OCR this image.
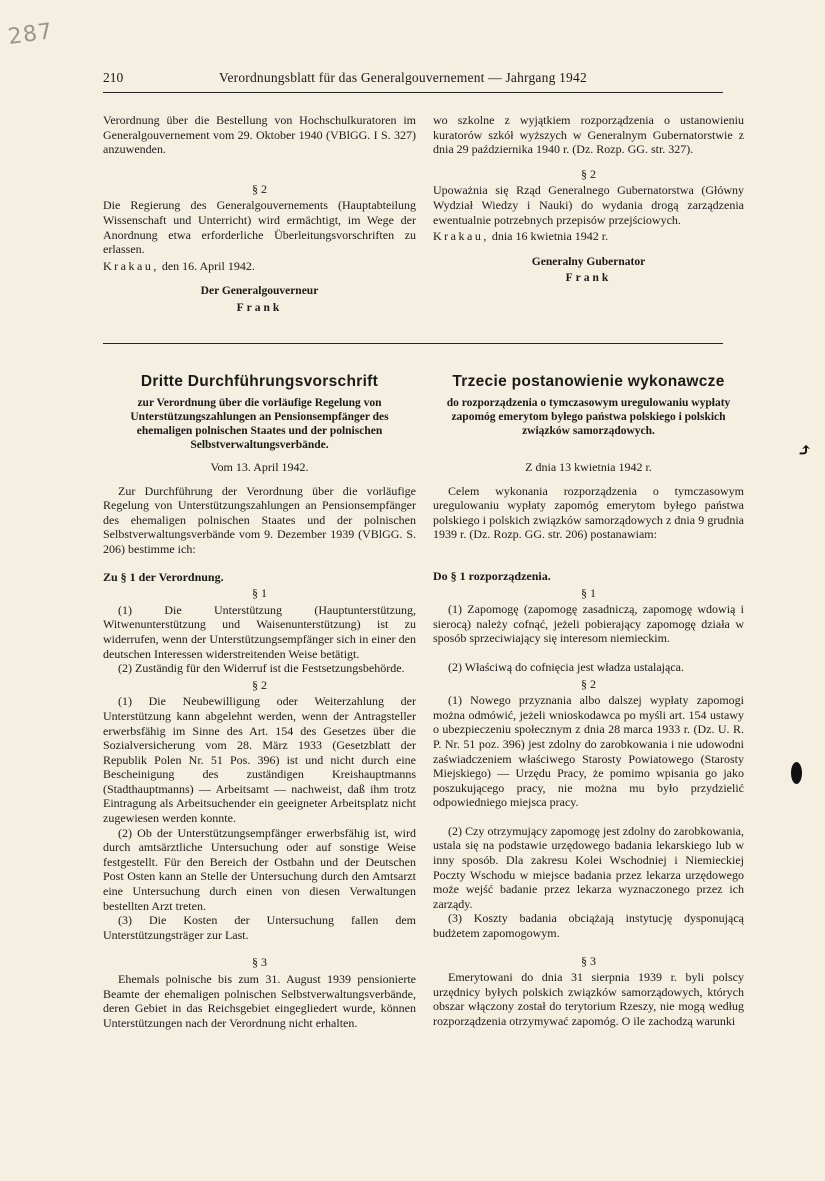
287
210	Verordnungsblatt für das Generalgouvernement — Jahrgang 1942

Verordnung über die Bestellung von Hochschulkuratoren im Generalgouvernement vom 29. Oktober 1940 (VBlGG. I S. 327) anzuwenden.

§ 2

Die Regierung des Generalgouvernements (Hauptabteilung Wissenschaft und Unterricht) wird ermächtigt, im Wege der Anordnung etwa erforderliche Überleitungsvorschriften zu erlassen.

Krakau, den 16. April 1942.

Der Generalgouverneur

Frank

wo szkolne z wyjątkiem rozporządzenia o ustanowieniu kuratorów szkół wyższych w Generalnym Gubernatorstwie z dnia 29 października 1940 r. (Dz. Rozp. GG. str. 327).

§ 2

Upoważnia się Rząd Generalnego Gubernatorstwa (Główny Wydział Wiedzy i Nauki) do wydania drogą zarządzenia ewentualnie potrzebnych przepisów przejściowych.

Krakau, dnia 16 kwietnia 1942 r.

Generalny Gubernator

Frank

Dritte Durchführungsvorschrift	Trzecie postanowienie wykonawcze
zur Verordnung über die vorläufige Regelung von Unterstützungszahlungen an Pensionsempfänger des ehemaligen polnischen Staates und der polnischen Selbstverwaltungsverbände.
do rozporządzenia o tymczasowym uregulowaniu wypłaty zapomóg emerytom byłego państwa polskiego i polskich związków samorządowych.

Vom 13. April 1942.

Zur Durchführung der Verordnung über die vorläufige Regelung von Unterstützungszahlungen an Pensionsempfänger des ehemaligen polnischen Staates und der polnischen Selbstverwaltungsverbände vom 9. Dezember 1939 (VBlGG. S. 206) bestimme ich:

Zu § 1 der Verordnung.

§ 1

(1) Die Unterstützung (Hauptunterstützung, Witwenunterstützung und Waisenunterstützung) ist zu widerrufen, wenn der Unterstützungsempfänger sich in einer den deutschen Interessen widerstreitenden Weise betätigt.

(2) Zuständig für den Widerruf ist die Festsetzungsbehörde.

§ 2

(1) Die Neubewilligung oder Weiterzahlung der Unterstützung kann abgelehnt werden, wenn der Antragsteller erwerbsfähig im Sinne des Art. 154 des Gesetzes über die Sozialversicherung vom 28. März 1933 (Gesetzblatt der Republik Polen Nr. 51 Pos. 396) ist und nicht durch eine Bescheinigung des zuständigen Kreishauptmanns (Stadthauptmanns) — Arbeitsamt — nachweist, daß ihm trotz Eintragung als Arbeitsuchender ein geeigneter Arbeitsplatz nicht zugewiesen werden konnte.

(2) Ob der Unterstützungsempfänger erwerbsfähig ist, wird durch amtsärztliche Untersuchung oder auf sonstige Weise festgestellt. Für den Bereich der Ostbahn und der Deutschen Post Osten kann an Stelle der Untersuchung durch den Amtsarzt eine Untersuchung durch einen von diesen Verwaltungen bestellten Arzt treten.

(3) Die Kosten der Untersuchung fallen dem Unterstützungsträger zur Last.

§ 3

Ehemals polnische bis zum 31. August 1939 pensionierte Beamte der ehemaligen polnischen Selbstverwaltungsverbände, deren Gebiet in das Reichsgebiet eingegliedert wurde, können Unterstützungen nach der Verordnung nicht erhalten.

Z dnia 13 kwietnia 1942 r.

Celem wykonania rozporządzenia o tymczasowym uregulowaniu wypłaty zapomóg emerytom byłego państwa polskiego i polskich związków samorządowych z dnia 9 grudnia 1939 r. (Dz. Rozp. GG. str. 206) postanawiam:

Do § 1 rozporządzenia.

§ 1

(1) Zapomogę (zapomogę zasadniczą, zapomogę wdowią i sierocą) należy cofnąć, jeżeli pobierający zapomogę działa w sposób sprzeciwiający się interesom niemieckim.

(2) Właściwą do cofnięcia jest władza ustalająca.

§ 2

(1) Nowego przyznania albo dalszej wypłaty zapomogi można odmówić, jeżeli wnioskodawca po myśli art. 154 ustawy o ubezpieczeniu społecznym z dnia 28 marca 1933 r. (Dz. U. R. P. Nr. 51 poz. 396) jest zdolny do zarobkowania i nie udowodni zaświadczeniem właściwego Starosty Powiatowego (Starosty Miejskiego) — Urzędu Pracy, że pomimo wpisania go jako poszukującego pracy, nie można mu było przydzielić odpowiedniego miejsca pracy.

(2) Czy otrzymujący zapomogę jest zdolny do zarobkowania, ustala się na podstawie urzędowego badania lekarskiego lub w inny sposób. Dla zakresu Kolei Wschodniej i Niemieckiej Poczty Wschodu w miejsce badania przez lekarza urzędowego może wejść badanie przez lekarza wyznaczonego przez ich zarządy.

(3) Koszty badania obciążają instytucję dysponującą budżetem zapomogowym.

§ 3

Emerytowani do dnia 31 sierpnia 1939 r. byli polscy urzędnicy byłych polskich związków samorządowych, których obszar włączony został do terytorium Rzeszy, nie mogą według rozporządzenia otrzymywać zapomóg. O ile zachodzą warunki

⤴
